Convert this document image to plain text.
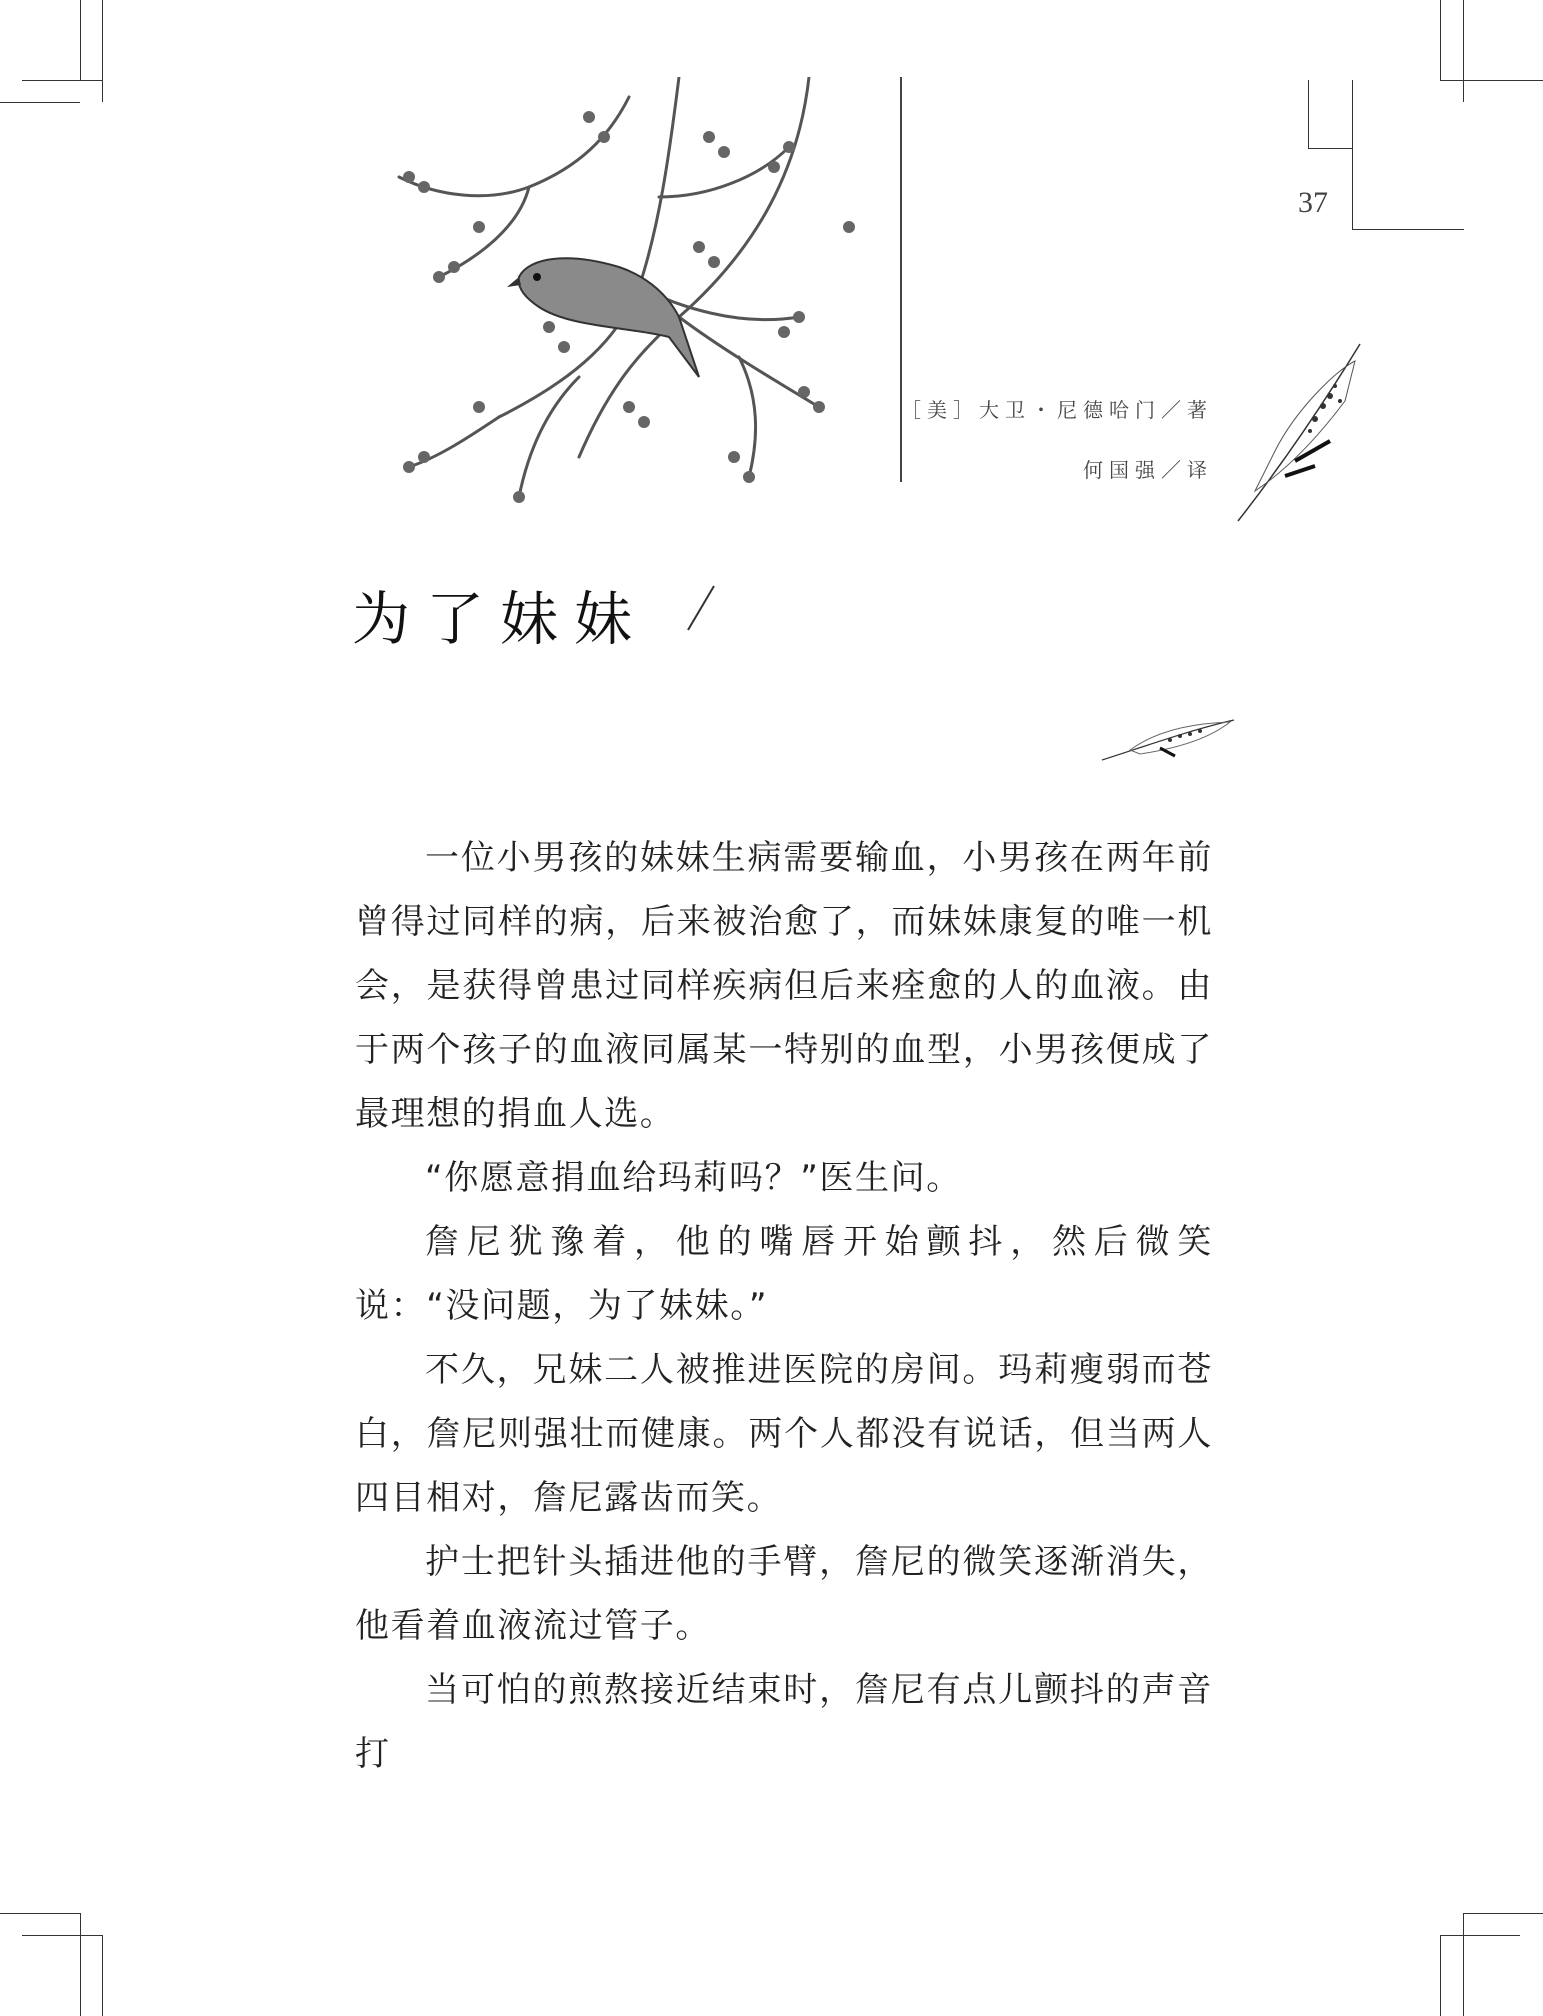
37
［美］大卫・尼德哈门／著
何国强／译
为了妹妹

一位小男孩的妹妹生病需要输血，小男孩在两年前曾得过同样的病，后来被治愈了，而妹妹康复的唯一机会，是获得曾患过同样疾病但后来痊愈的人的血液。由于两个孩子的血液同属某一特别的血型，小男孩便成了最理想的捐血人选。

“你愿意捐血给玛莉吗？”医生问。

詹尼犹豫着，他的嘴唇开始颤抖，然后微笑说：“没问题，为了妹妹。”

不久，兄妹二人被推进医院的房间。玛莉瘦弱而苍白，詹尼则强壮而健康。两个人都没有说话，但当两人四目相对，詹尼露齿而笑。

护士把针头插进他的手臂，詹尼的微笑逐渐消失，他看着血液流过管子。

当可怕的煎熬接近结束时，詹尼有点儿颤抖的声音打
